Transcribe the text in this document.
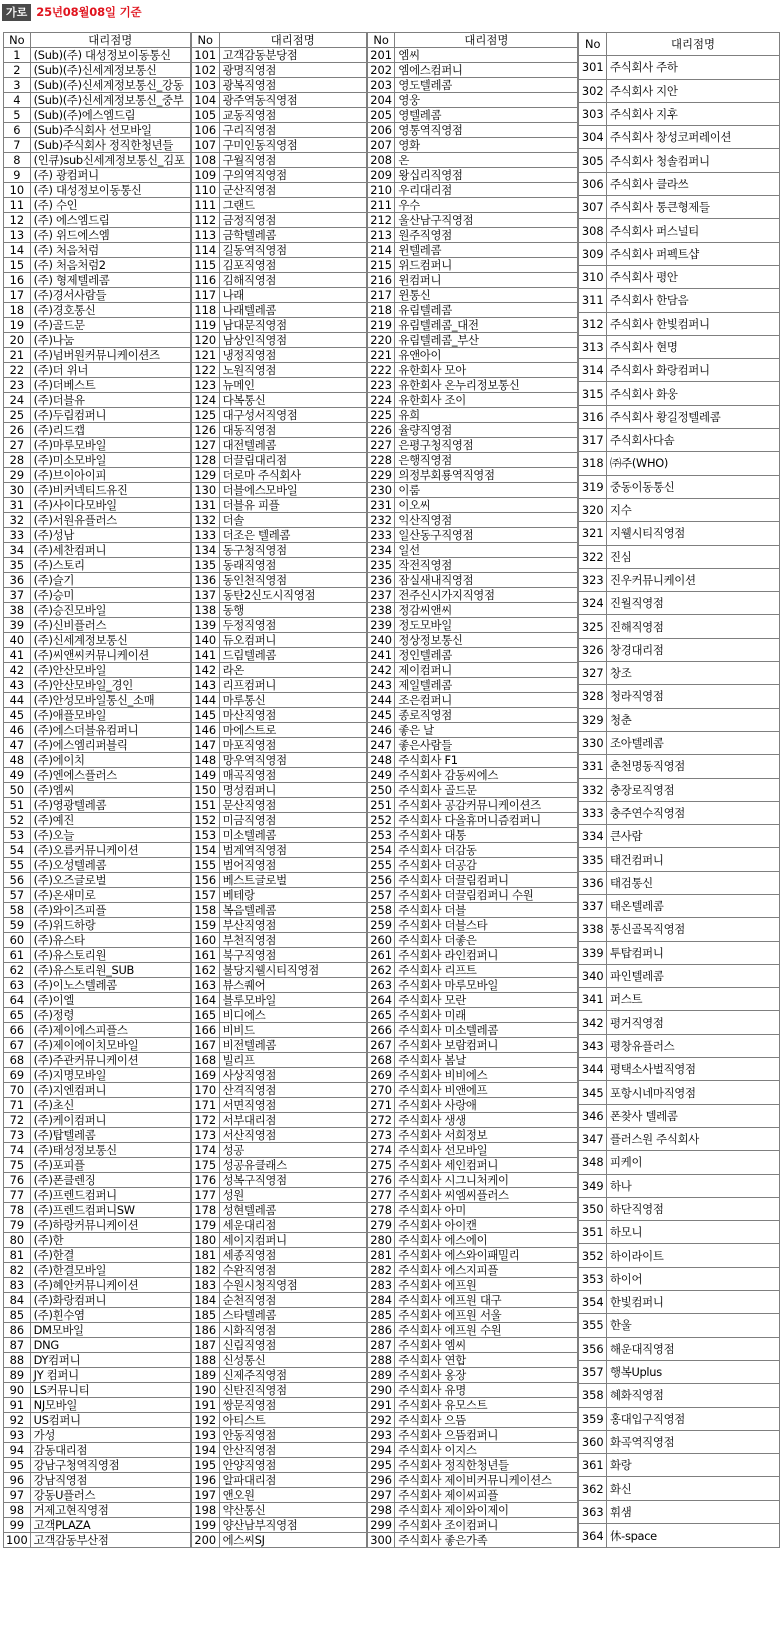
가로 25년08월08일 기준
No	대리점명
1	(Sub)(주) 대성정보이동통신
2	(Sub)(주)신세계정보통신
3	(Sub)(주)신세계정보통신_강동
4	(Sub)(주)신세계정보통신_중부
5	(Sub)(주)에스엠드림
6	(Sub)주식회사 선모바일
7	(Sub)주식회사 정직한청년들
8	(인큐)sub신세계정보통신_김포
9	(주) 광컴퍼니
10	(주) 대성정보이동통신
11	(주) 수인
12	(주) 에스엠드림
13	(주) 위드에스엠
14	(주) 처음처럼
15	(주) 처음처럼2
16	(주) 형제텔레콤
17	(주)경서사람들
18	(주)경호통신
19	(주)골드문
20	(주)나눔
21	(주)넘버원커뮤니케이션즈
22	(주)더 위너
23	(주)더베스트
24	(주)더블유
25	(주)두림컴퍼니
26	(주)리드캡
27	(주)마루모바일
28	(주)미소모바일
29	(주)브이아이피
30	(주)비커넥티드유진
31	(주)사이다모바일
32	(주)서원유플러스
33	(주)성남
34	(주)세찬컴퍼니
35	(주)스토리
36	(주)슬기
37	(주)승미
38	(주)승진모바일
39	(주)신비플러스
40	(주)신세계정보통신
41	(주)씨앤씨커뮤니케이션
42	(주)안산모바일
43	(주)안산모바일_경인
44	(주)안성모바일통신_소매
45	(주)애플모바일
46	(주)에스더블유컴퍼니
47	(주)에스엠리퍼블릭
48	(주)에이치
49	(주)엔에스플러스
50	(주)엠씨
51	(주)영광텔레콤
52	(주)예진
53	(주)오늘
54	(주)오름커뮤니케이션
55	(주)오성텔레콤
56	(주)오즈글로벌
57	(주)온새미로
58	(주)와이즈피플
59	(주)위드하랑
60	(주)유스타
61	(주)유스토리원
62	(주)유스토리원_SUB
63	(주)이노스텔레콤
64	(주)이엘
65	(주)정령
66	(주)제이에스피플스
67	(주)제이에이치모바일
68	(주)주관커뮤니케이션
69	(주)지명모바일
70	(주)지엔컴퍼니
71	(주)초신
72	(주)케이컴퍼니
73	(주)탑텔레콤
74	(주)태성정보통신
75	(주)포피플
76	(주)폰클렌징
77	(주)프렌드컴퍼니
78	(주)프렌드컴퍼니SW
79	(주)하랑커뮤니케이션
80	(주)한
81	(주)한결
82	(주)한결모바일
83	(주)혜안커뮤니케이션
84	(주)화랑컴퍼니
85	(주)흰수염
86	DM모바일
87	DNG
88	DY컴퍼니
89	JY 컴퍼니
90	LS커뮤니티
91	NJ모바일
92	US컴퍼니
93	가성
94	감동대리점
95	강남구청역직영점
96	강남직영점
97	강동U플러스
98	거제고현직영점
99	고객PLAZA
100	고객감동부산점
No	대리점명
101	고객감동분당점
102	광명직영점
103	광복직영점
104	광주역동직영점
105	교동직영점
106	구리직영점
107	구미인동직영점
108	구월직영점
109	구의역직영점
110	군산직영점
111	그랜드
112	금정직영점
113	금학텔레콤
114	길동역직영점
115	김포직영점
116	김해직영점
117	나래
118	나래텔레콤
119	남대문직영점
120	남상인직영점
121	냉정직영점
122	노원직영점
123	뉴메인
124	다복통신
125	대구성서직영점
126	대동직영점
127	대전텔레콤
128	더끌림대리점
129	더로마 주식회사
130	더블에스모바일
131	더블유 피플
132	더솔
133	더조은 텔레콤
134	동구청직영점
135	동래직영점
136	동인천직영점
137	동탄2신도시직영점
138	동행
139	두정직영점
140	듀오컴퍼니
141	드림텔레콤
142	라온
143	리프컴퍼니
144	마루통신
145	마산직영점
146	마에스트로
147	마포직영점
148	망우역직영점
149	매곡직영점
150	명성컴퍼니
151	문산직영점
152	미금직영점
153	미소텔레콤
154	범계역직영점
155	범어직영점
156	베스트글로벌
157	베테랑
158	복음텔레콤
159	부산직영점
160	부천직영점
161	북구직영점
162	불당지웰시티직영점
163	뷰스퀘어
164	블루모바일
165	비디에스
166	비비드
167	비전텔레콤
168	빌리프
169	사상직영점
170	산격직영점
171	서면직영점
172	서부대리점
173	서산직영점
174	성공
175	성공유클래스
176	성복구직영점
177	성원
178	성현텔레콤
179	세운대리점
180	세이지컴퍼니
181	세종직영점
182	수완직영점
183	수원시청직영점
184	순천직영점
185	스타텔레콤
186	시화직영점
187	신림직영점
188	신성통신
189	신제주직영점
190	신탄진직영점
191	쌍문직영점
192	아티스트
193	안동직영점
194	안산직영점
195	안양직영점
196	알파대리점
197	앤오원
198	약산통신
199	양산남부직영점
200	에스씨SJ
No	대리점명
201	엠씨
202	엠에스컴퍼니
203	영도텔레콤
204	영웅
205	영텔레콤
206	영통역직영점
207	영화
208	온
209	왕십리직영점
210	우리대리점
211	우수
212	울산남구직영점
213	원주직영점
214	윈텔레콤
215	위드컴퍼니
216	윈컴퍼니
217	윈통신
218	유림텔레콤
219	유림텔레콤_대전
220	유림텔레콤_부산
221	유앤아이
222	유한회사 모아
223	유한회사 온누리정보통신
224	유한회사 조이
225	유희
226	율량직영점
227	은평구청직영점
228	은행직영점
229	의정부회룡역직영점
230	이룸
231	이오씨
232	익산직영점
233	일산동구직영점
234	일선
235	작전직영점
236	잠실새내직영점
237	전주신시가지직영점
238	정감씨앤씨
239	정도모바일
240	정상정보통신
241	정인텔레콤
242	제이컴퍼니
243	제일텔레콤
244	조은컴퍼니
245	종로직영점
246	좋은 날
247	좋은사람들
248	주식회사 F1
249	주식회사 감동씨에스
250	주식회사 골드문
251	주식회사 공감커뮤니케이션즈
252	주식회사 다올휴머니즘컴퍼니
253	주식회사 대통
254	주식회사 더감동
255	주식회사 더공감
256	주식회사 더끌림컴퍼니
257	주식회사 더끌림컴퍼니 수원
258	주식회사 더블
259	주식회사 더블스타
260	주식회사 더좋은
261	주식회사 라인컴퍼니
262	주식회사 리프트
263	주식회사 마루모바일
264	주식회사 모란
265	주식회사 미래
266	주식회사 미소텔레콤
267	주식회사 보람컴퍼니
268	주식회사 봄날
269	주식회사 비비에스
270	주식회사 비앤에프
271	주식회사 사랑애
272	주식회사 생생
273	주식회사 서희정보
274	주식회사 선모바일
275	주식회사 세인컴퍼니
276	주식회사 시그니처케이
277	주식회사 씨엠씨플러스
278	주식회사 아미
279	주식회사 아이캔
280	주식회사 에스에이
281	주식회사 에스와이패밀리
282	주식회사 에스지피플
283	주식회사 에프원
284	주식회사 에프원 대구
285	주식회사 에프원 서울
286	주식회사 에프원 수원
287	주식회사 엠씨
288	주식회사 연합
289	주식회사 옹장
290	주식회사 유명
291	주식회사 유모스트
292	주식회사 으뜸
293	주식회사 으뜸컴퍼니
294	주식회사 이지스
295	주식회사 정직한청년들
296	주식회사 제이비커뮤니케이션스
297	주식회사 제이씨피플
298	주식회사 제이와이제이
299	주식회사 조이컴퍼니
300	주식회사 좋은가족
No	대리점명
301	주식회사 주하
302	주식회사 지안
303	주식회사 지후
304	주식회사 창성코퍼레이션
305	주식회사 청솔컴퍼니
306	주식회사 클라쓰
307	주식회사 통큰형제들
308	주식회사 퍼스널티
309	주식회사 퍼펙트샵
310	주식회사 평안
311	주식회사 한담음
312	주식회사 한빛컴퍼니
313	주식회사 현명
314	주식회사 화랑컴퍼니
315	주식회사 화웅
316	주식회사 황길정텔레콤
317	주식회사다솜
318	㈜주(WHO)
319	중동이동통신
320	지수
321	지웰시티직영점
322	진심
323	진우커뮤니케이션
324	진월직영점
325	진해직영점
326	창경대리점
327	창조
328	청라직영점
329	청춘
330	조아텔레콤
331	춘천명동직영점
332	충장로직영점
333	충주연수직영점
334	큰사람
335	태건컴퍼니
336	태검통신
337	태온텔레콤
338	통신골목직영점
339	투탑컴퍼니
340	파인텔레콤
341	퍼스트
342	평거직영점
343	평창유플러스
344	평택소사벌직영점
345	포항시네마직영점
346	폰찾사 텔레콤
347	플러스원 주식회사
348	피케이
349	하나
350	하단직영점
351	하모니
352	하이라이트
353	하이어
354	한빛컴퍼니
355	한울
356	해운대직영점
357	행복Uplus
358	혜화직영점
359	홍대입구직영점
360	화곡역직영점
361	화랑
362	화신
363	휘샘
364	休-space
